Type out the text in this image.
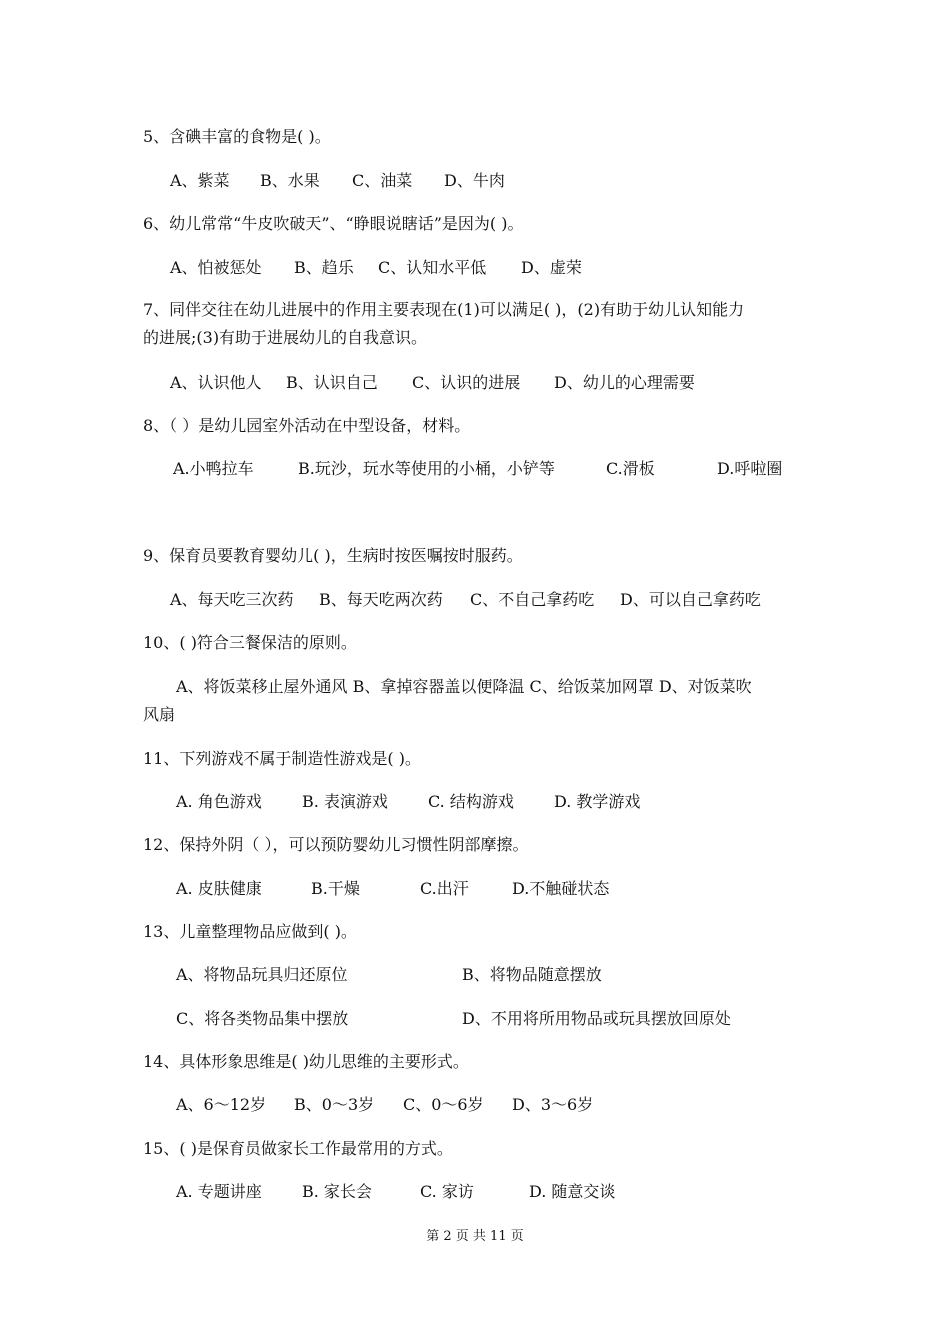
5、含碘丰富的食物是( )。
A、紫菜 B、水果 C、油菜 D、牛肉
6、幼儿常常“牛皮吹破天”、“睁眼说瞎话”是因为( )。
A、怕被惩处 B、趋乐 C、认知水平低 D、虚荣
7、同伴交往在幼儿进展中的作用主要表现在(1)可以满足( )，(2)有助于幼儿认知能力
的进展;(3)有助于进展幼儿的自我意识。
A、认识他人 B、认识自己 C、认识的进展 D、幼儿的心理需要
8、（ ）是幼儿园室外活动在中型设备，材料。
A.小鸭拉车	B.玩沙，玩水等使用的小桶，小铲等	C.滑板	D.呼啦圈
9、保育员要教育婴幼儿( )，生病时按医嘱按时服药。
A、每天吃三次药 B、每天吃两次药 C、不自己拿药吃 D、可以自己拿药吃
10、( )符合三餐保洁的原则。
A、将饭菜移止屋外通风 B、拿掉容器盖以便降温 C、给饭菜加网罩 D、对饭菜吹
风扇
11、下列游戏不属于制造性游戏是( )。
A. 角色游戏	B. 表演游戏	C. 结构游戏	D. 教学游戏
12、保持外阴（ ），可以预防婴幼儿习惯性阴部摩擦。
A. 皮肤健康	B.干燥	C.出汗	D.不触碰状态
13、儿童整理物品应做到( )。
A、将物品玩具归还原位	B、将物品随意摆放
C、将各类物品集中摆放	D、不用将所用物品或玩具摆放回原处
14、具体形象思维是( )幼儿思维的主要形式。
A、6～12岁 B、0～3岁 C、0～6岁 D、3～6岁
15、( )是保育员做家长工作最常用的方式。
A. 专题讲座	B. 家长会	C. 家访	D. 随意交谈
第 2 页 共 11 页
